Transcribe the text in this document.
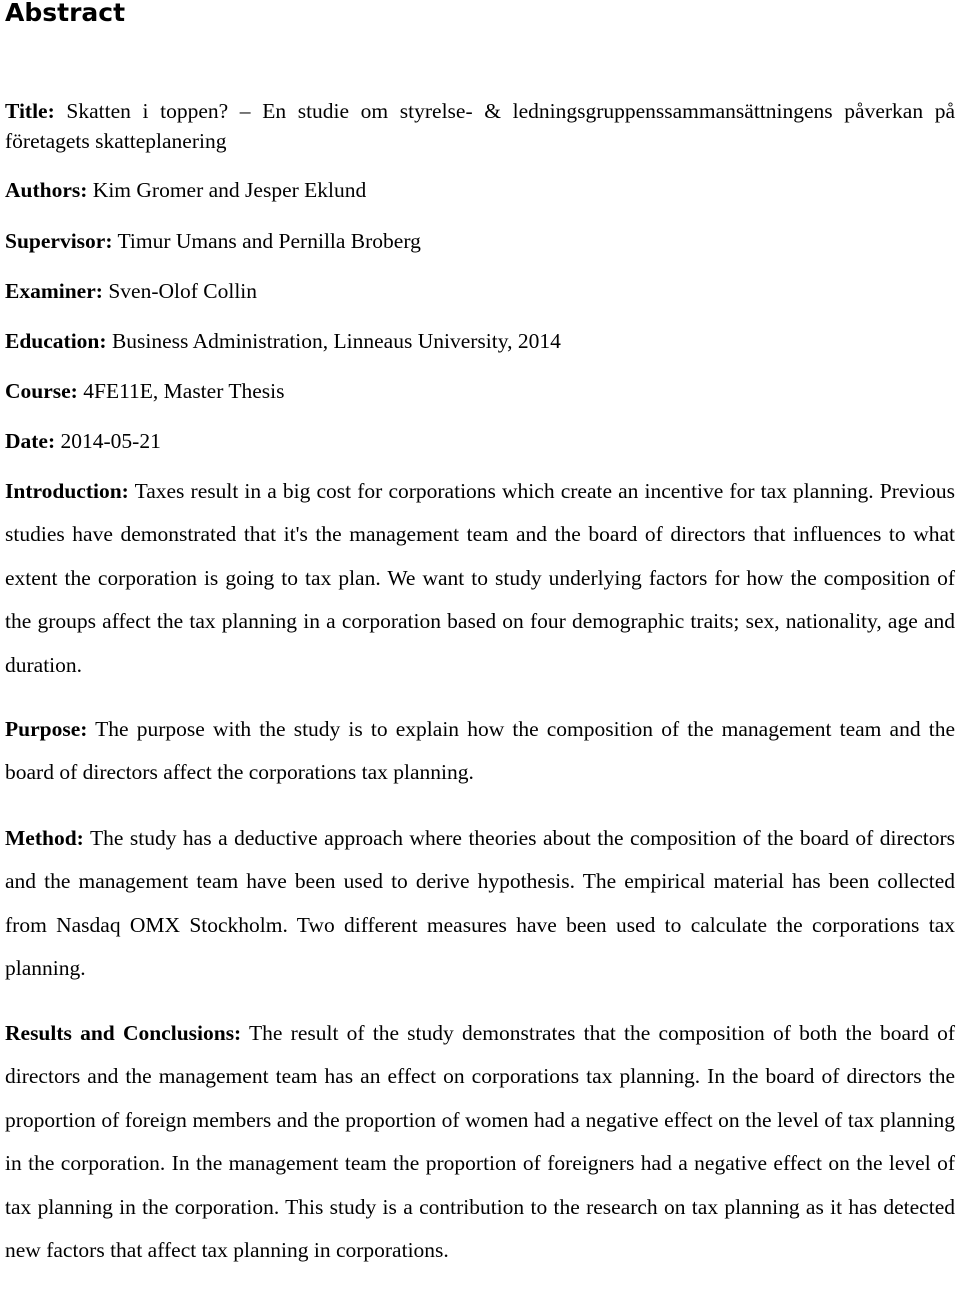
Abstract

Title: Skatten i toppen? – En studie om styrelse- & ledningsgruppenssammansättningens påverkan på företagets skatteplanering

Authors: Kim Gromer and Jesper Eklund

Supervisor: Timur Umans and Pernilla Broberg

Examiner: Sven-Olof Collin

Education: Business Administration, Linneaus University, 2014

Course: 4FE11E, Master Thesis

Date: 2014-05-21

Introduction: Taxes result in a big cost for corporations which create an incentive for tax planning. Previous studies have demonstrated that it's the management team and the board of directors that influences to what extent the corporation is going to tax plan. We want to study underlying factors for how the composition of the groups affect the tax planning in a corporation based on four demographic traits; sex, nationality, age and duration.

Purpose: The purpose with the study is to explain how the composition of the management team and the board of directors affect the corporations tax planning.

Method: The study has a deductive approach where theories about the composition of the board of directors and the management team have been used to derive hypothesis. The empirical material has been collected from Nasdaq OMX Stockholm. Two different measures have been used to calculate the corporations tax planning.

Results and Conclusions: The result of the study demonstrates that the composition of both the board of directors and the management team has an effect on corporations tax planning. In the board of directors the proportion of foreign members and the proportion of women had a negative effect on the level of tax planning in the corporation. In the management team the proportion of foreigners had a negative effect on the level of tax planning in the corporation. This study is a contribution to the research on tax planning as it has detected new factors that affect tax planning in corporations.
